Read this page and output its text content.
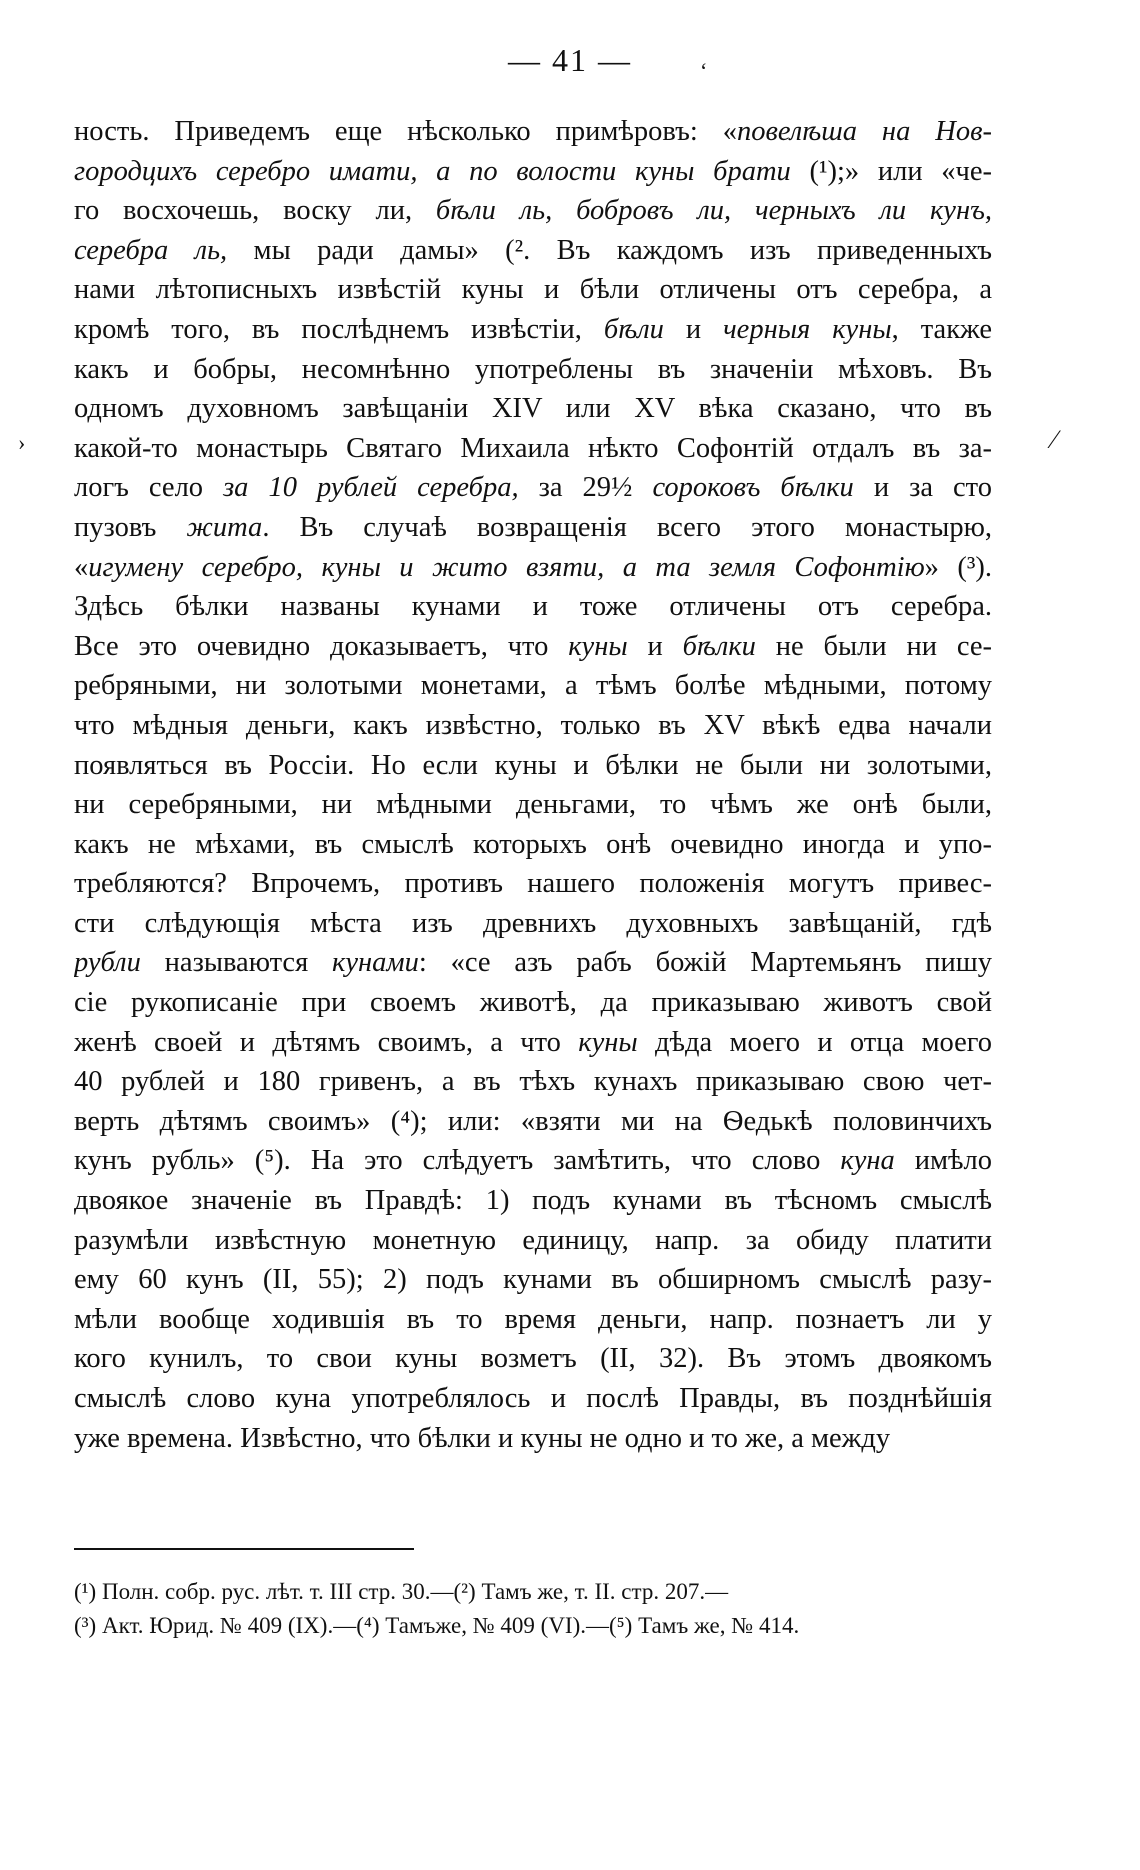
— 41 —	‘
›	⁄
ность. Приведемъ еще нѣсколько примѣровъ: «повелѣша на Нов-
городцихъ серебро имати, а по волости куны брати (¹);» или «че-
го восхочешь, воску ли, бѣли ль, бобровъ ли, черныхъ ли кунъ,
серебра ль, мы ради дамы» (². Въ каждомъ изъ приведенныхъ
нами лѣтописныхъ извѣстій куны и бѣли отличены отъ серебра, а
кромѣ того, въ послѣднемъ извѣстіи, бѣли и черныя куны, также
какъ и бобры, несомнѣнно употреблены въ значеніи мѣховъ. Въ
одномъ духовномъ завѣщаніи XIV или XV вѣка сказано, что въ
какой-то монастырь Святаго Михаила нѣкто Софонтій отдалъ въ за-
логъ село за 10 рублей серебра, за 29½ сороковъ бѣлки и за сто
пузовъ жита. Въ случаѣ возвращенія всего этого монастырю,
«игумену серебро, куны и жито взяти, а та земля Софонтію» (³).
Здѣсь бѣлки названы кунами и тоже отличены отъ серебра.
Все это очевидно доказываетъ, что куны и бѣлки не были ни се-
ребряными, ни золотыми монетами, а тѣмъ болѣе мѣдными, потому
что мѣдныя деньги, какъ извѣстно, только въ XV вѣкѣ едва начали
появляться въ Россіи. Но если куны и бѣлки не были ни золотыми,
ни серебряными, ни мѣдными деньгами, то чѣмъ же онѣ были,
какъ не мѣхами, въ смыслѣ которыхъ онѣ очевидно иногда и упо-
требляются? Впрочемъ, противъ нашего положенія могутъ привес-
сти слѣдующія мѣста изъ древнихъ духовныхъ завѣщаній, гдѣ
рубли называются кунами: «се азъ рабъ божій Мартемьянъ пишу
сіе рукописаніе при своемъ животѣ, да приказываю животъ свой
женѣ своей и дѣтямъ своимъ, а что куны дѣда моего и отца моего
40 рублей и 180 гривенъ, а въ тѣхъ кунахъ приказываю свою чет-
верть дѣтямъ своимъ» (⁴); или: «взяти ми на Ѳедькѣ половинчихъ
кунъ рубль» (⁵). На это слѣдуетъ замѣтить, что слово куна имѣло
двоякое значеніе въ Правдѣ: 1) подъ кунами въ тѣсномъ смыслѣ
разумѣли извѣстную монетную единицу, напр. за обиду платити
ему 60 кунъ (II, 55); 2) подъ кунами въ обширномъ смыслѣ разу-
мѣли вообще ходившія въ то время деньги, напр. познаетъ ли у
кого кунилъ, то свои куны возметъ (II, 32). Въ этомъ двоякомъ
смыслѣ слово куна употреблялось и послѣ Правды, въ позднѣйшія
уже времена. Извѣстно, что бѣлки и куны не одно и то же, а между
(¹) Полн. собр. рус. лѣт. т. III стр. 30.—(²) Тамъ же, т. II. стр. 207.—
(³) Акт. Юрид. № 409 (IX).—(⁴) Тамъже, № 409 (VI).—(⁵) Тамъ же, № 414.
